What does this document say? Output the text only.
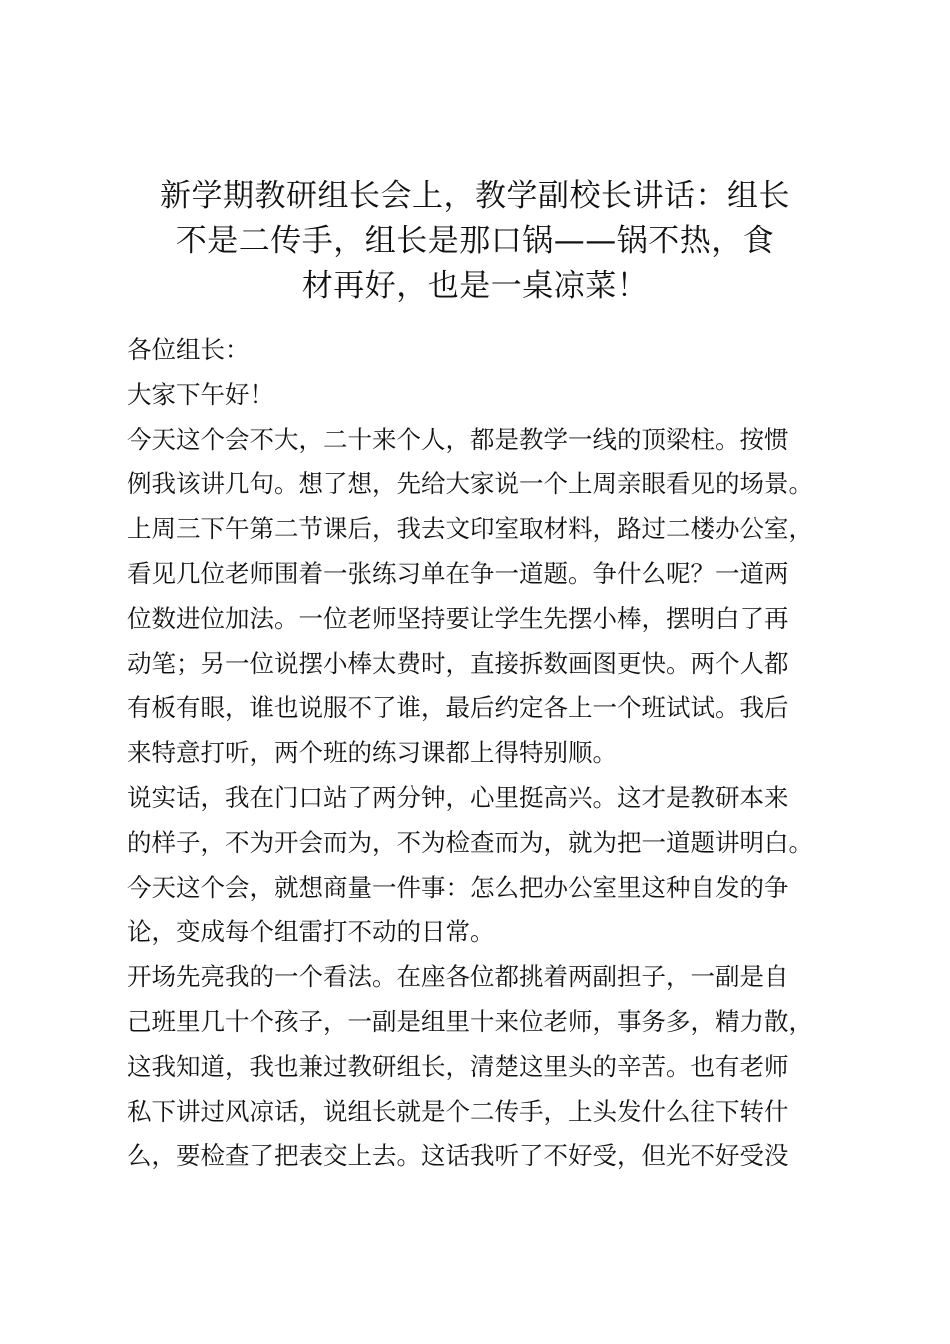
新学期教研组长会上，教学副校长讲话：组长
不是二传手，组长是那口锅——锅不热，食
材再好，也是一桌凉菜！
各位组长：
大家下午好！
今天这个会不大，二十来个人，都是教学一线的顶梁柱。按惯
例我该讲几句。想了想，先给大家说一个上周亲眼看见的场景。
上周三下午第二节课后，我去文印室取材料，路过二楼办公室，
看见几位老师围着一张练习单在争一道题。争什么呢？一道两
位数进位加法。一位老师坚持要让学生先摆小棒，摆明白了再
动笔；另一位说摆小棒太费时，直接拆数画图更快。两个人都
有板有眼，谁也说服不了谁，最后约定各上一个班试试。我后
来特意打听，两个班的练习课都上得特别顺。
说实话，我在门口站了两分钟，心里挺高兴。这才是教研本来
的样子，不为开会而为，不为检查而为，就为把一道题讲明白。
今天这个会，就想商量一件事：怎么把办公室里这种自发的争
论，变成每个组雷打不动的日常。
开场先亮我的一个看法。在座各位都挑着两副担子，一副是自
己班里几十个孩子，一副是组里十来位老师，事务多，精力散，
这我知道，我也兼过教研组长，清楚这里头的辛苦。也有老师
私下讲过风凉话，说组长就是个二传手，上头发什么往下转什
么，要检查了把表交上去。这话我听了不好受，但光不好受没
